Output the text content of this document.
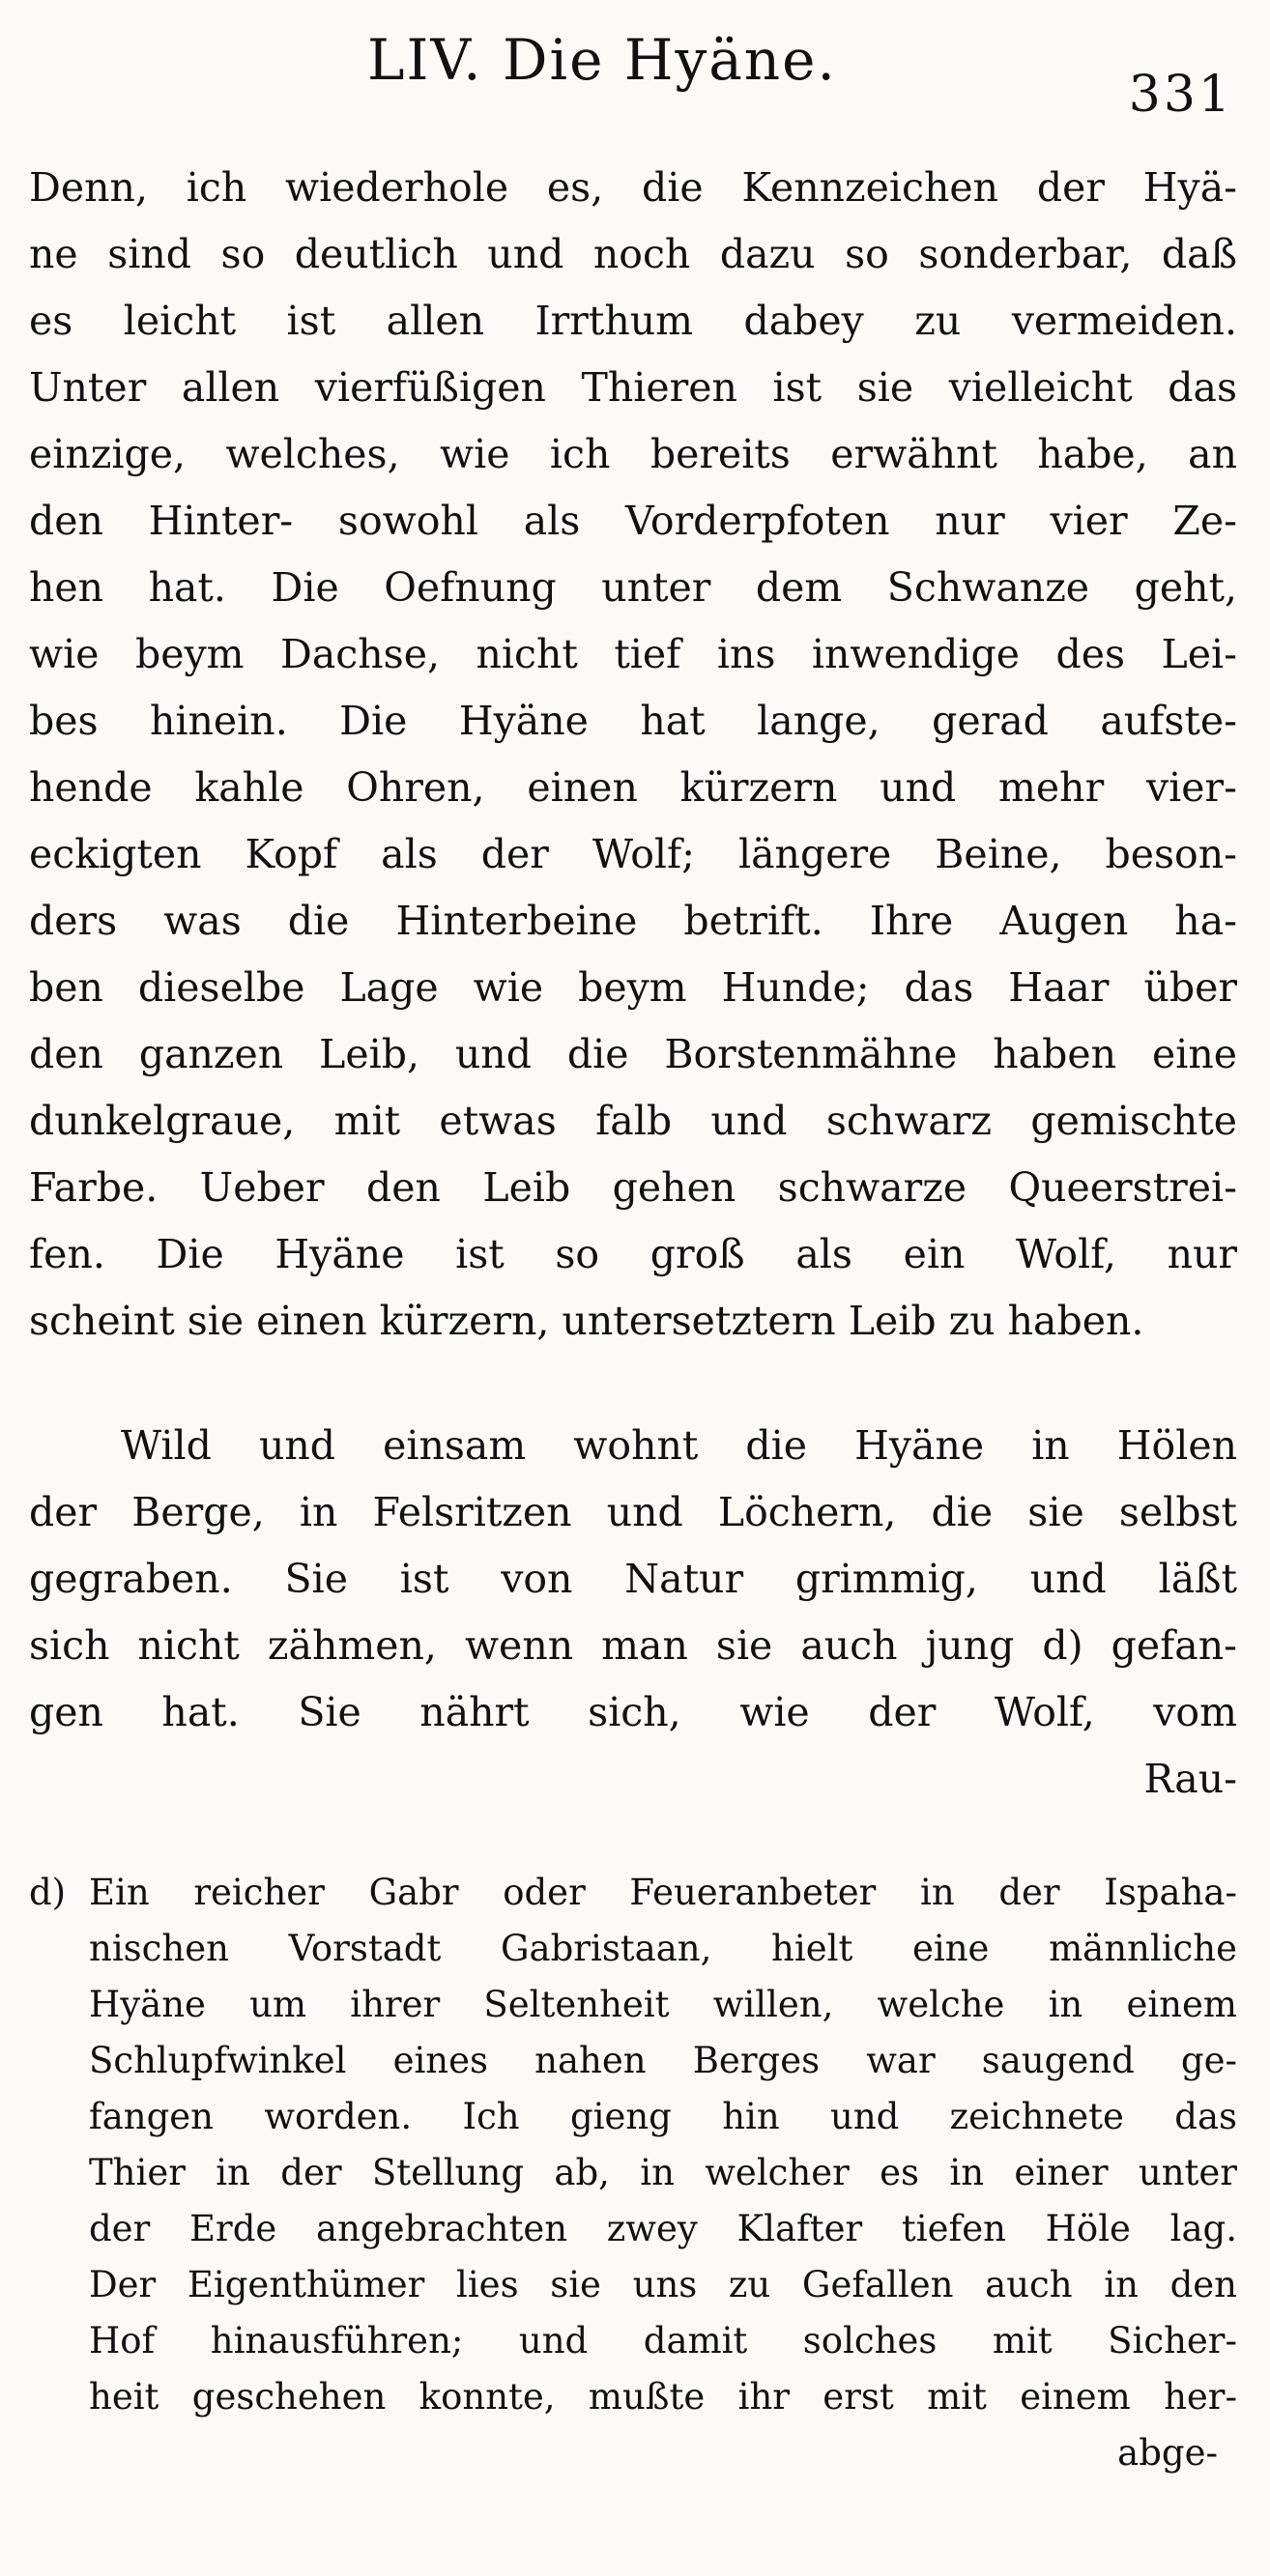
LIV. Die Hyäne.
331
Denn, ich wiederhole es, die Kennzeichen der Hyä-
ne sind so deutlich und noch dazu so sonderbar, daß
es leicht ist allen Irrthum dabey zu vermeiden.
Unter allen vierfüßigen Thieren ist sie vielleicht das
einzige, welches, wie ich bereits erwähnt habe, an
den Hinter- sowohl als Vorderpfoten nur vier Ze-
hen hat. Die Oefnung unter dem Schwanze geht,
wie beym Dachse, nicht tief ins inwendige des Lei-
bes hinein. Die Hyäne hat lange, gerad aufste-
hende kahle Ohren, einen kürzern und mehr vier-
eckigten Kopf als der Wolf; längere Beine, beson-
ders was die Hinterbeine betrift. Ihre Augen ha-
ben dieselbe Lage wie beym Hunde; das Haar über
den ganzen Leib, und die Borstenmähne haben eine
dunkelgraue, mit etwas falb und schwarz gemischte
Farbe. Ueber den Leib gehen schwarze Queerstrei-
fen. Die Hyäne ist so groß als ein Wolf, nur
scheint sie einen kürzern, untersetztern Leib zu haben.
Wild und einsam wohnt die Hyäne in Hölen
der Berge, in Felsritzen und Löchern, die sie selbst
gegraben. Sie ist von Natur grimmig, und läßt
sich nicht zähmen, wenn man sie auch jung d) gefan-
gen hat. Sie nährt sich, wie der Wolf, vom
Rau-
d) Ein reicher Gabr oder Feueranbeter in der Ispaha-
nischen Vorstadt Gabristaan, hielt eine männliche
Hyäne um ihrer Seltenheit willen, welche in einem
Schlupfwinkel eines nahen Berges war saugend ge-
fangen worden. Ich gieng hin und zeichnete das
Thier in der Stellung ab, in welcher es in einer unter
der Erde angebrachten zwey Klafter tiefen Höle lag.
Der Eigenthümer lies sie uns zu Gefallen auch in den
Hof hinausführen; und damit solches mit Sicher-
heit geschehen konnte, mußte ihr erst mit einem her-
abge-
